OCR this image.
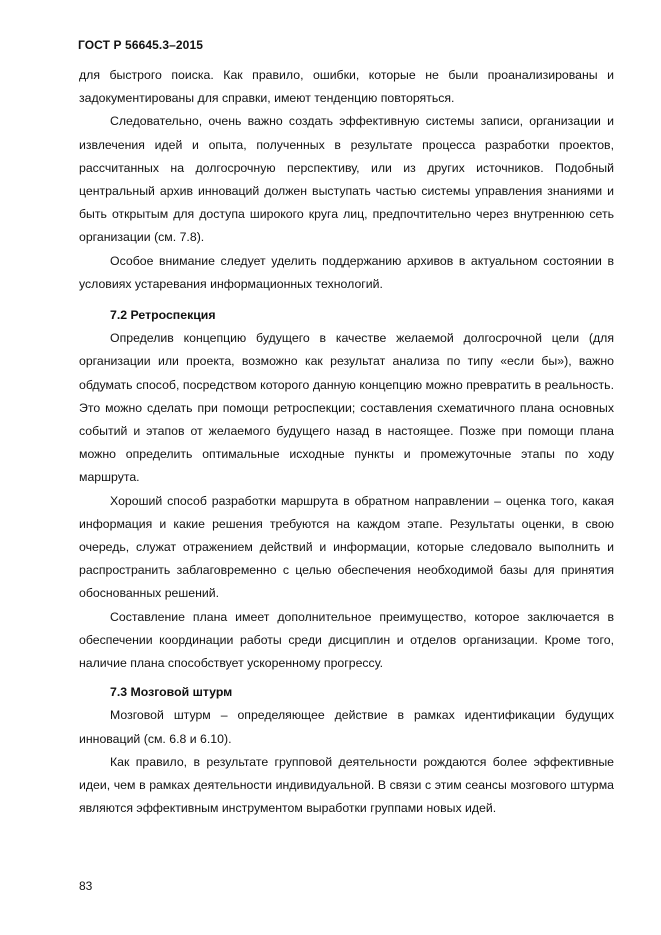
ГОСТ Р 56645.3–2015

для быстрого поиска. Как правило, ошибки, которые не были проанализированы и задокументированы для справки, имеют тенденцию повторяться.

Следовательно, очень важно создать эффективную системы записи, организации и извлечения идей и опыта, полученных в результате процесса разработки проектов, рассчитанных на долгосрочную перспективу, или из других источников. Подобный центральный архив инноваций должен выступать частью системы управления знаниями и быть открытым для доступа широкого круга лиц, предпочтительно через внутреннюю сеть организации (см. 7.8).

Особое внимание следует уделить поддержанию архивов в актуальном состоянии в условиях устаревания информационных технологий.

7.2 Ретроспекция

Определив концепцию будущего в качестве желаемой долгосрочной цели (для организации или проекта, возможно как результат анализа по типу «если бы»), важно обдумать способ, посредством которого данную концепцию можно превратить в реальность. Это можно сделать при помощи ретроспекции; составления схематичного плана основных событий и этапов от желаемого будущего назад в настоящее. Позже при помощи плана можно определить оптимальные исходные пункты и промежуточные этапы по ходу маршрута.

Хороший способ разработки маршрута в обратном направлении – оценка того, какая информация и какие решения требуются на каждом этапе. Результаты оценки, в свою очередь, служат отражением действий и информации, которые следовало выполнить и распространить заблаговременно с целью обеспечения необходимой базы для принятия обоснованных решений.

Составление плана имеет дополнительное преимущество, которое заключается в обеспечении координации работы среди дисциплин и отделов организации. Кроме того, наличие плана способствует ускоренному прогрессу.

7.3 Мозговой штурм

Мозговой штурм – определяющее действие в рамках идентификации будущих инноваций (см. 6.8 и 6.10).

Как правило, в результате групповой деятельности рождаются более эффективные идеи, чем в рамках деятельности индивидуальной. В связи с этим сеансы мозгового штурма являются эффективным инструментом выработки группами новых идей.

83
